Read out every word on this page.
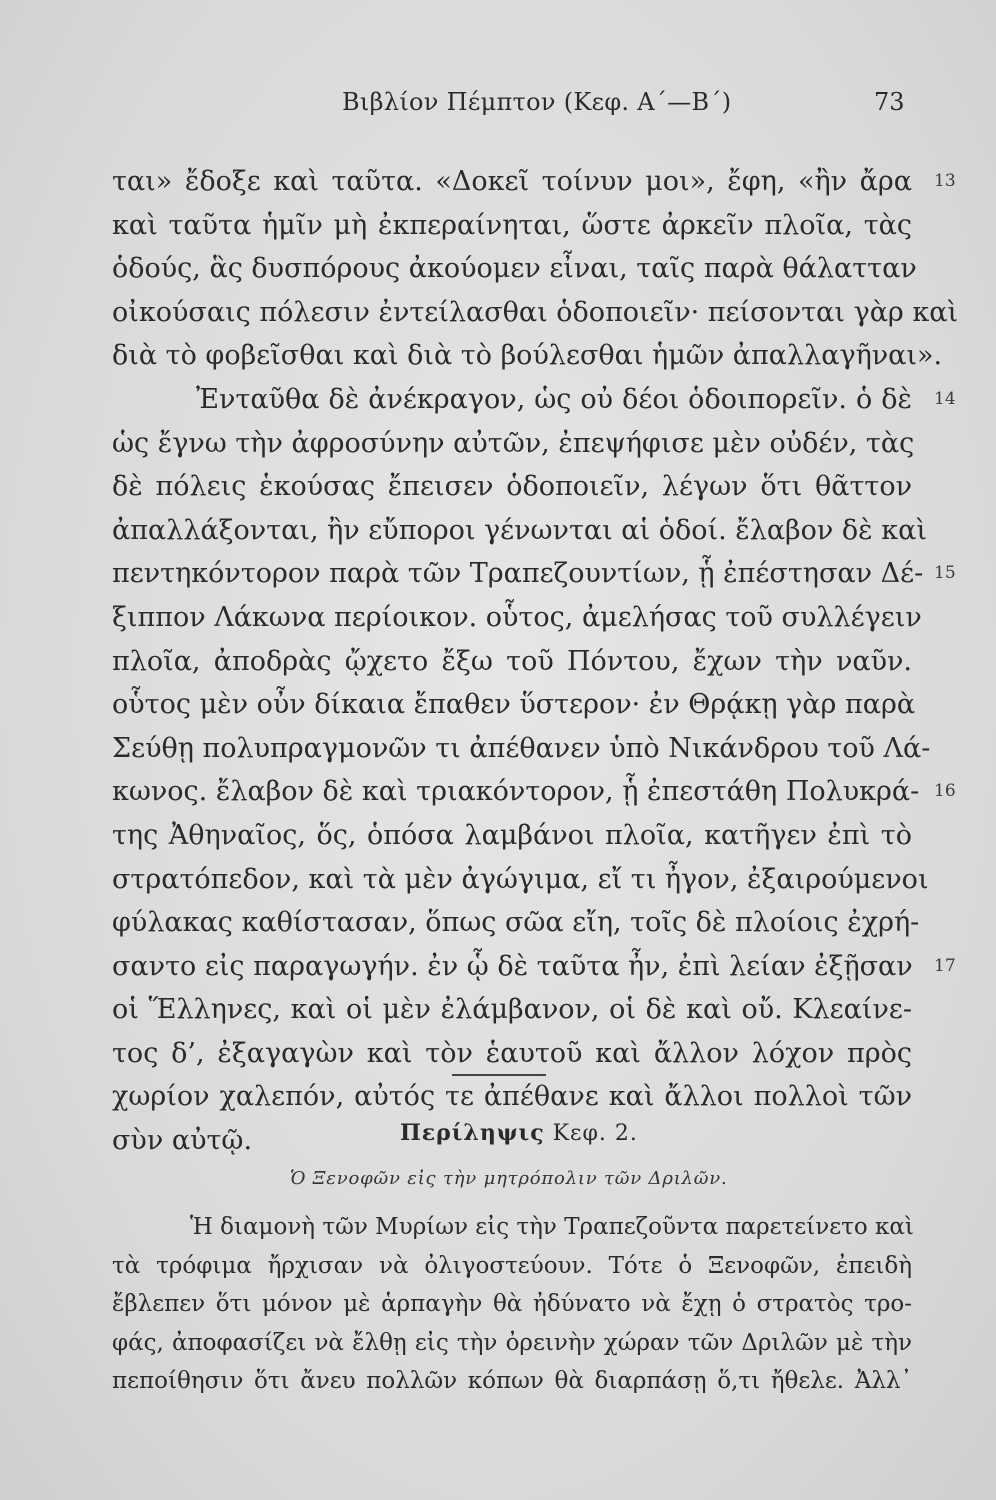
Βιβλίον Πέμπτον (Κεφ. Α΄—Β΄)	73
ται» ἔδοξε καὶ ταῦτα. «Δοκεῖ τοίνυν μοι», ἔφη, «ἢν ἄρα 13
καὶ ταῦτα ἡμῖν μὴ ἐκπεραίνηται, ὥστε ἀρκεῖν πλοῖα, τὰς
ὁδούς, ἃς δυσπόρους ἀκούομεν εἶναι, ταῖς παρὰ θάλατταν
οἰκούσαις πόλεσιν ἐντείλασθαι ὁδοποιεῖν· πείσονται γὰρ καὶ
διὰ τὸ φοβεῖσθαι καὶ διὰ τὸ βούλεσθαι ἡμῶν ἀπαλλαγῆναι».
Ἐνταῦθα δὲ ἀνέκραγον, ὡς οὐ δέοι ὁδοιπορεῖν. ὁ δὲ 14
ὡς ἔγνω τὴν ἀφροσύνην αὐτῶν, ἐπεψήφισε μὲν οὐδέν, τὰς
δὲ πόλεις ἑκούσας ἔπεισεν ὁδοποιεῖν, λέγων ὅτι θᾶττον
ἀπαλλάξονται, ἢν εὔποροι γένωνται αἱ ὁδοί. ἔλαβον δὲ καὶ
πεντηκόντορον παρὰ τῶν Τραπεζουντίων, ᾗ ἐπέστησαν Δέ- 15
ξιππον Λάκωνα περίοικον. οὗτος, ἀμελήσας τοῦ συλλέγειν
πλοῖα, ἀποδρὰς ᾤχετο ἔξω τοῦ Πόντου, ἔχων τὴν ναῦν.
οὗτος μὲν οὖν δίκαια ἔπαθεν ὕστερον· ἐν Θρᾴκῃ γὰρ παρὰ
Σεύθῃ πολυπραγμονῶν τι ἀπέθανεν ὑπὸ Νικάνδρου τοῦ Λά-
κωνος. ἔλαβον δὲ καὶ τριακόντορον, ᾗ ἐπεστάθη Πολυκρά- 16
της Ἀθηναῖος, ὅς, ὁπόσα λαμβάνοι πλοῖα, κατῆγεν ἐπὶ τὸ
στρατόπεδον, καὶ τὰ μὲν ἀγώγιμα, εἴ τι ἦγον, ἐξαιρούμενοι
φύλακας καθίστασαν, ὅπως σῶα εἴη, τοῖς δὲ πλοίοις ἐχρή-
σαντο εἰς παραγωγήν. ἐν ᾧ δὲ ταῦτα ἦν, ἐπὶ λείαν ἐξῇσαν 17
οἱ Ἕλληνες, καὶ οἱ μὲν ἐλάμβανον, οἱ δὲ καὶ οὔ. Κλεαίνε-
τος δ’, ἐξαγαγὼν καὶ τὸν ἑαυτοῦ καὶ ἄλλον λόχον πρὸς
χωρίον χαλεπόν, αὐτός τε ἀπέθανε καὶ ἄλλοι πολλοὶ τῶν
σὺν αὐτῷ.	Περίληψις Κεφ. 2.
Ὁ Ξενοφῶν εἰς τὴν μητρόπολιν τῶν Δριλῶν.
Ἡ διαμονὴ τῶν Μυρίων εἰς τὴν Τραπεζοῦντα παρετείνετο καὶ
τὰ τρόφιμα ἤρχισαν νὰ ὀλιγοστεύουν. Τότε ὁ Ξενοφῶν, ἐπειδὴ
ἔβλεπεν ὅτι μόνον μὲ ἁρπαγὴν θὰ ἠδύνατο νὰ ἔχῃ ὁ στρατὸς τρο-
φάς, ἀποφασίζει νὰ ἔλθῃ εἰς τὴν ὀρεινὴν χώραν τῶν Δριλῶν μὲ τὴν
πεποίθησιν ὅτι ἄνευ πολλῶν κόπων θὰ διαρπάσῃ ὅ,τι ἤθελε. Ἀλλ᾽
